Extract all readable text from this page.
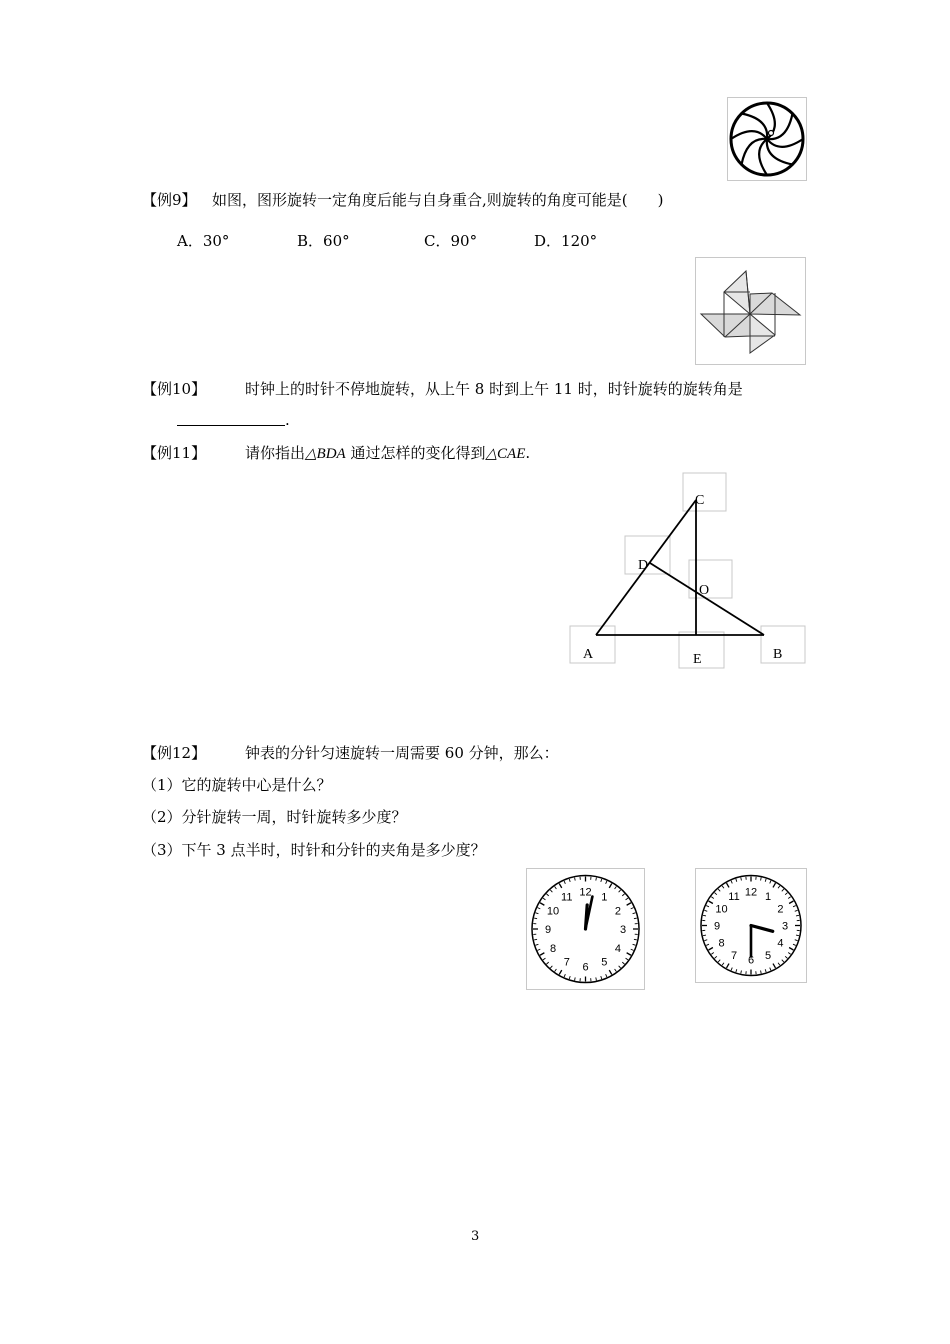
【例9】 如图，图形旋转一定角度后能与自身重合,则旋转的角度可能是(　　)
A．30°	B．60°	C．90°	D．120°
【例10】	时钟上的时针不停地旋转，从上午 8 时到上午 11 时，时针旋转的旋转角是
.
【例11】	请你指出△BDA 通过怎样的变化得到△CAE.
C
D
O
A	E	B
【例12】	钟表的分针匀速旋转一周需要 60 分钟，那么：
（1）它的旋转中心是什么？
（2）分针旋转一周，时针旋转多少度？
（3）下午 3 点半时，时针和分针的夹角是多少度？
12 1
2
3
4
5
6
7
8
9
10
11	12 1
2
3
4
5
6
7
8
9
10
11
3
